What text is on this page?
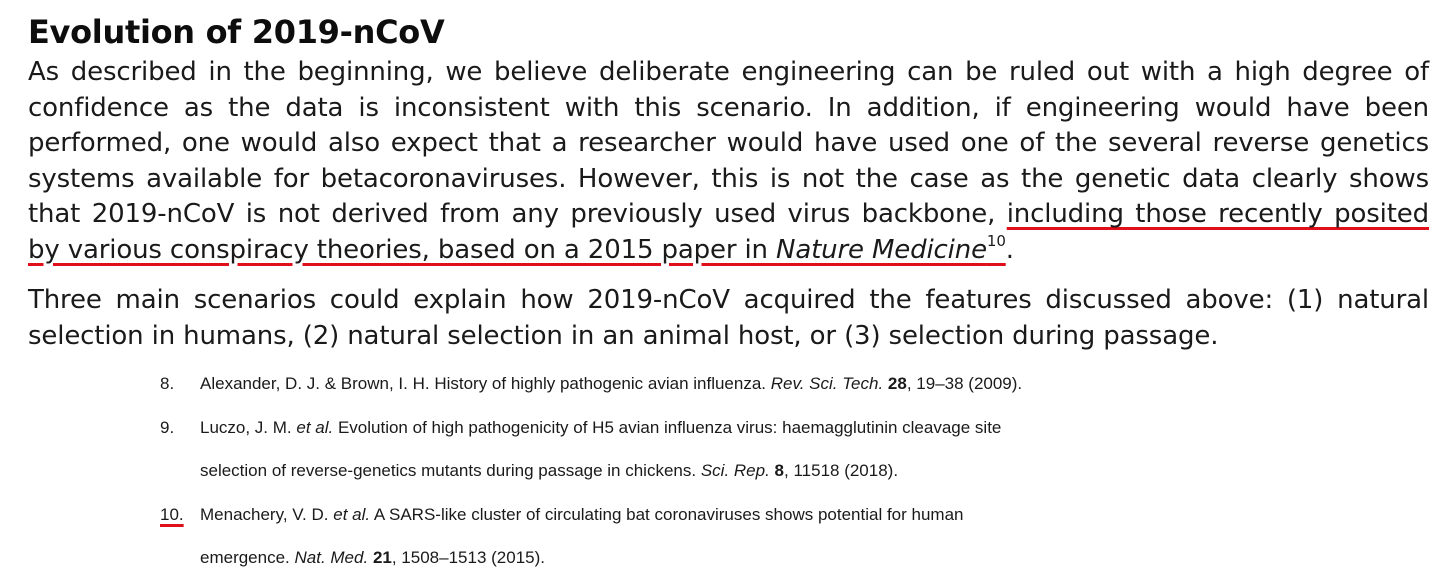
Evolution of 2019-nCoV
As described in the beginning, we believe deliberate engineering can be ruled out with a high degree of
confidence as the data is inconsistent with this scenario. In addition, if engineering would have been
performed, one would also expect that a researcher would have used one of the several reverse genetics
systems available for betacoronaviruses. However, this is not the case as the genetic data clearly shows
that 2019-nCoV is not derived from any previously used virus backbone, including those recently posited
by various conspiracy theories, based on a 2015 paper in Nature Medicine$^{10}$.
Three main scenarios could explain how 2019-nCoV acquired the features discussed above: (1) natural
selection in humans, (2) natural selection in an animal host, or (3) selection during passage.
8. Alexander, D. J. & Brown, I. H. History of highly pathogenic avian influenza. Rev. Sci. Tech. 28, 19–38 (2009).
9. Luczo, J. M. et al. Evolution of high pathogenicity of H5 avian influenza virus: haemagglutinin cleavage site
selection of reverse-genetics mutants during passage in chickens. Sci. Rep. 8, 11518 (2018).
10. Menachery, V. D. et al. A SARS-like cluster of circulating bat coronaviruses shows potential for human
emergence. Nat. Med. 21, 1508–1513 (2015).
